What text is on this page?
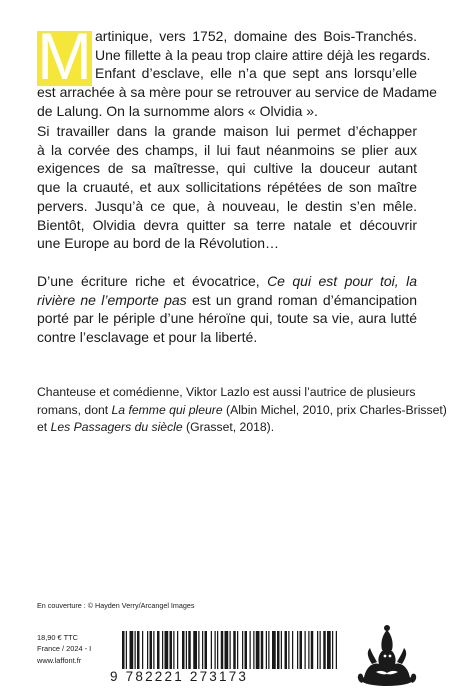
M artinique, vers 1752, domaine des Bois-Tranchés.
Une fillette à la peau trop claire attire déjà les regards.
Enfant d’esclave, elle n’a que sept ans lorsqu’elle
est arrachée à sa mère pour se retrouver au service de Madame
de Lalung. On la surnomme alors « Olvidia ».
Si travailler dans la grande maison lui permet d’échapper
à la corvée des champs, il lui faut néanmoins se plier aux
exigences de sa maîtresse, qui cultive la douceur autant
que la cruauté, et aux sollicitations répétées de son maître
pervers. Jusqu’à ce que, à nouveau, le destin s’en mêle.
Bientôt, Olvidia devra quitter sa terre natale et découvrir
une Europe au bord de la Révolution…
D’une écriture riche et évocatrice, Ce qui est pour toi, la
rivière ne l’emporte pas est un grand roman d’émancipation
porté par le périple d’une héroïne qui, toute sa vie, aura lutté
contre l’esclavage et pour la liberté.
Chanteuse et comédienne, Viktor Lazlo est aussi l’autrice de plusieurs
romans, dont La femme qui pleure (Albin Michel, 2010, prix Charles-Brisset)
et Les Passagers du siècle (Grasset, 2018).
En couverture : © Hayden Verry/Arcangel Images
18,90 € TTC
France / 2024 - I
www.laffont.fr
9 782221 273173
